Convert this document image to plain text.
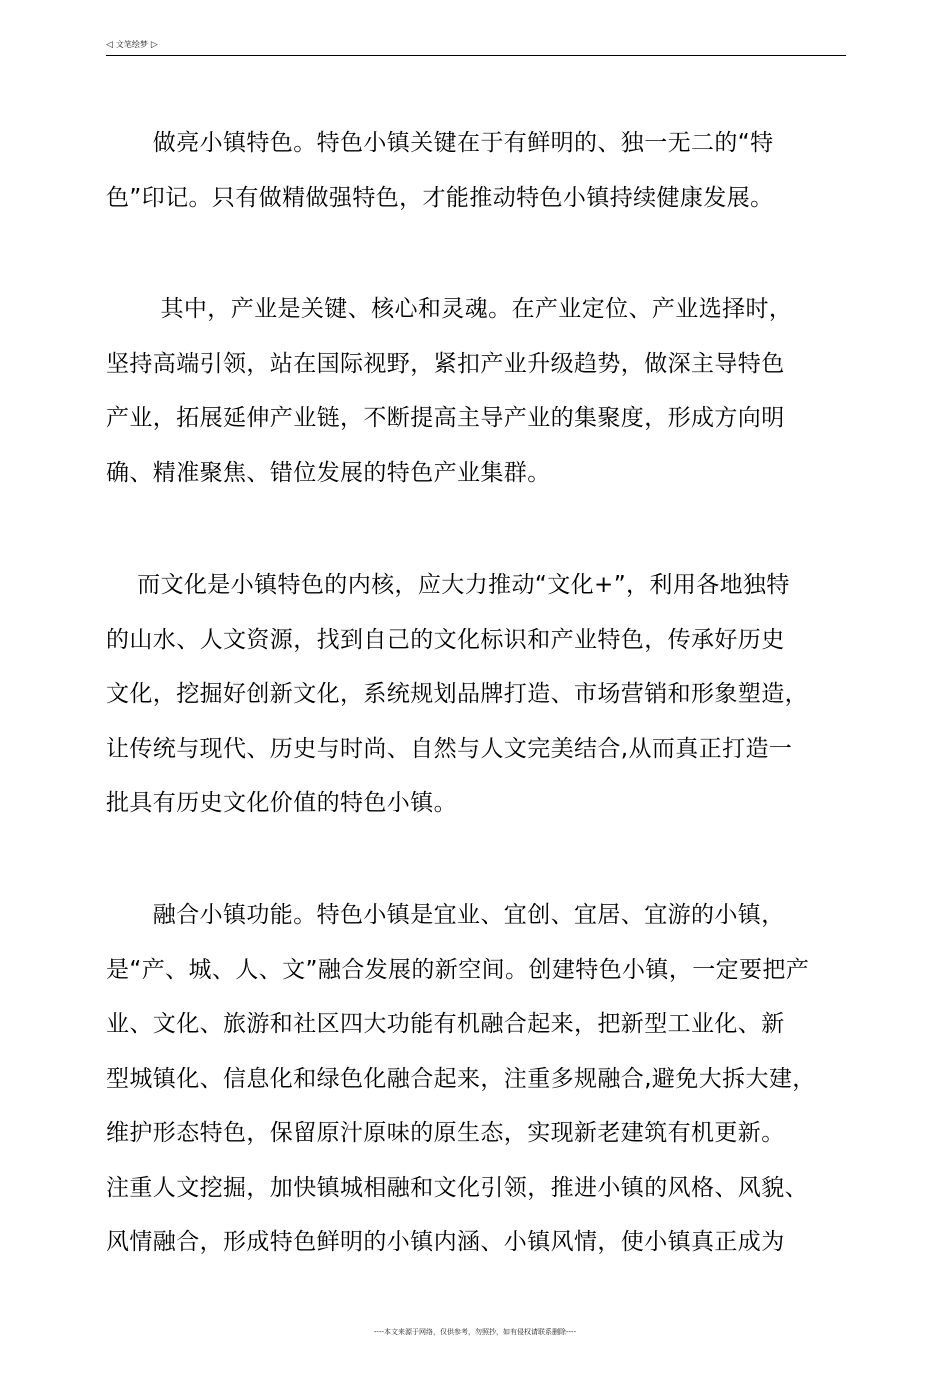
◁ 文笔绘梦 ▷
　　做亮小镇特色。特色小镇关键在于有鲜明的、独一无二的“特
色”印记。只有做精做强特色，才能推动特色小镇持续健康发展。
　　 其中，产业是关键、核心和灵魂。在产业定位、产业选择时，
坚持高端引领，站在国际视野，紧扣产业升级趋势，做深主导特色
产业，拓展延伸产业链，不断提高主导产业的集聚度，形成方向明
确、精准聚焦、错位发展的特色产业集群。
　 而文化是小镇特色的内核，应大力推动“文化+”，利用各地独特
的山水、人文资源，找到自己的文化标识和产业特色，传承好历史
文化，挖掘好创新文化，系统规划品牌打造、市场营销和形象塑造，
让传统与现代、历史与时尚、自然与人文完美结合,从而真正打造一
批具有历史文化价值的特色小镇。
　　融合小镇功能。特色小镇是宜业、宜创、宜居、宜游的小镇，
是“产、城、人、文”融合发展的新空间。创建特色小镇，一定要把产
业、文化、旅游和社区四大功能有机融合起来，把新型工业化、新
型城镇化、信息化和绿色化融合起来，注重多规融合,避免大拆大建，
维护形态特色，保留原汁原味的原生态，实现新老建筑有机更新。
注重人文挖掘，加快镇城相融和文化引领，推进小镇的风格、风貌、
风情融合，形成特色鲜明的小镇内涵、小镇风情，使小镇真正成为
----本文来源于网络，仅供参考，勿照抄，如有侵权请联系删除----
